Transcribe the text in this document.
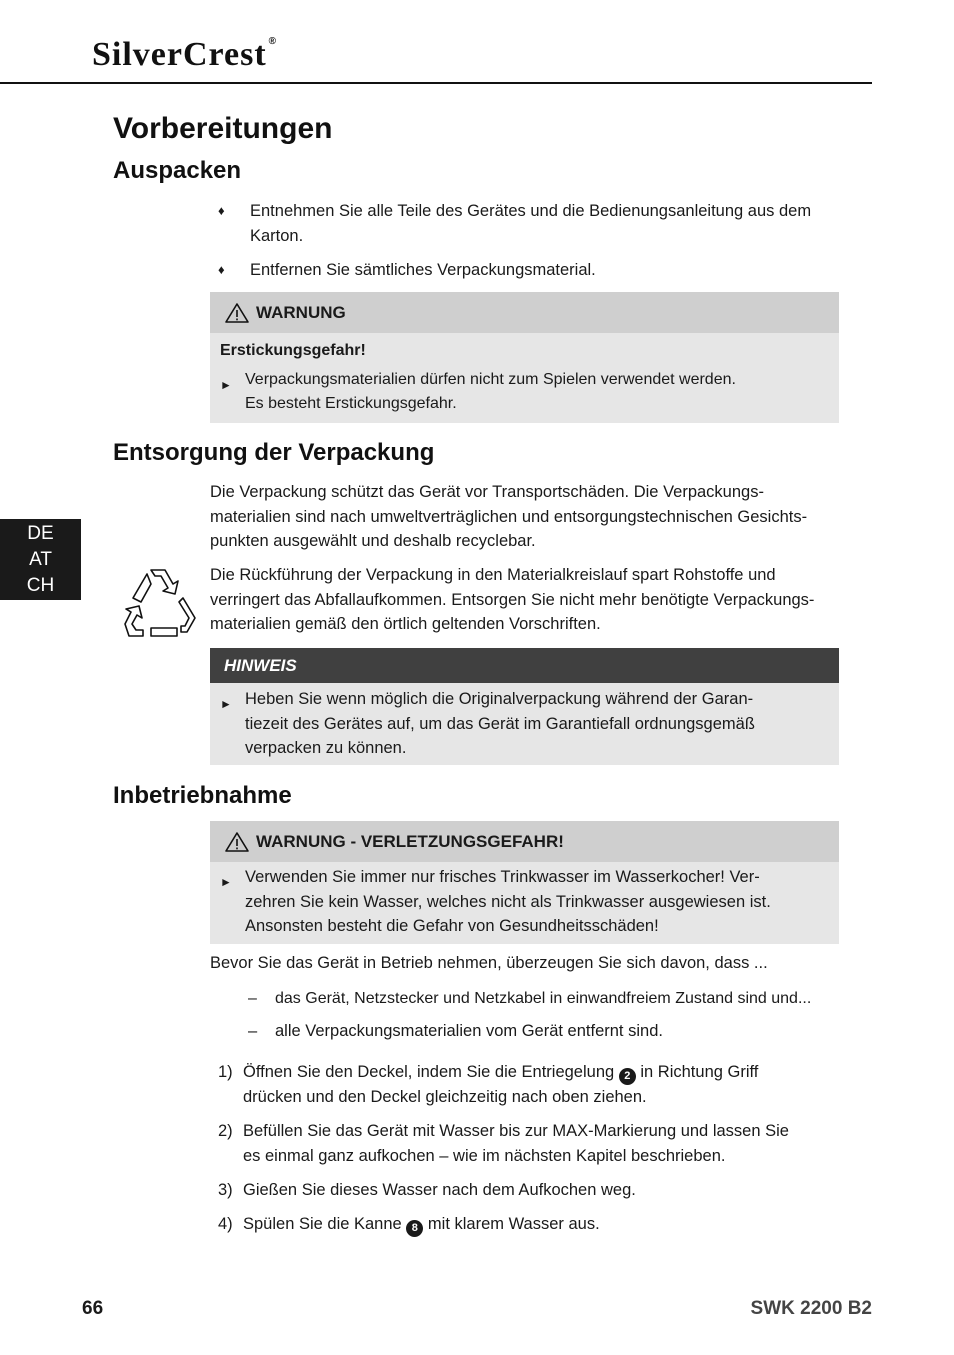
SilverCrest ®
DE
AT
CH
Vorbereitungen
Auspacken
♦	Entnehmen Sie alle Teile des Gerätes und die Bedienungsanleitung aus dem
Karton.
♦	Entfernen Sie sämtliches Verpackungsmaterial.
WARNUNG
Erstickungsgefahr!
► Verpackungsmaterialien dürfen nicht zum Spielen verwendet werden.
Es besteht Erstickungsgefahr.
Entsorgung der Verpackung
Die Verpackung schützt das Gerät vor Transportschäden. Die Verpackungs-
materialien sind nach umweltverträglichen und entsorgungstechnischen Gesichts-
punkten ausgewählt und deshalb recyclebar.
Die Rückführung der Verpackung in den Materialkreislauf spart Rohstoffe und
verringert das Abfallaufkommen. Entsorgen Sie nicht mehr benötigte Verpackungs-
materialien gemäß den örtlich geltenden Vorschriften.
HINWEIS
► Heben Sie wenn möglich die Originalverpackung während der Garan-
tiezeit des Gerätes auf, um das Gerät im Garantiefall ordnungsgemäß
verpacken zu können.
Inbetriebnahme
WARNUNG - VERLETZUNGSGEFAHR!
► Verwenden Sie immer nur frisches Trinkwasser im Wasserkocher! Ver-
zehren Sie kein Wasser, welches nicht als Trinkwasser ausgewiesen ist.
Ansonsten besteht die Gefahr von Gesundheitsschäden!
Bevor Sie das Gerät in Betrieb nehmen, überzeugen Sie sich davon, dass ...
–	das Gerät, Netzstecker und Netzkabel in einwandfreiem Zustand sind und...
–	alle Verpackungsmaterialien vom Gerät entfernt sind.
1) Öffnen Sie den Deckel, indem Sie die Entriegelung 2 in Richtung Griff
drücken und den Deckel gleichzeitig nach oben ziehen.
2) Befüllen Sie das Gerät mit Wasser bis zur MAX-Markierung und lassen Sie
es einmal ganz aufkochen – wie im nächsten Kapitel beschrieben.
3) Gießen Sie dieses Wasser nach dem Aufkochen weg.
4) Spülen Sie die Kanne 8 mit klarem Wasser aus.
66	SWK 2200 B2
